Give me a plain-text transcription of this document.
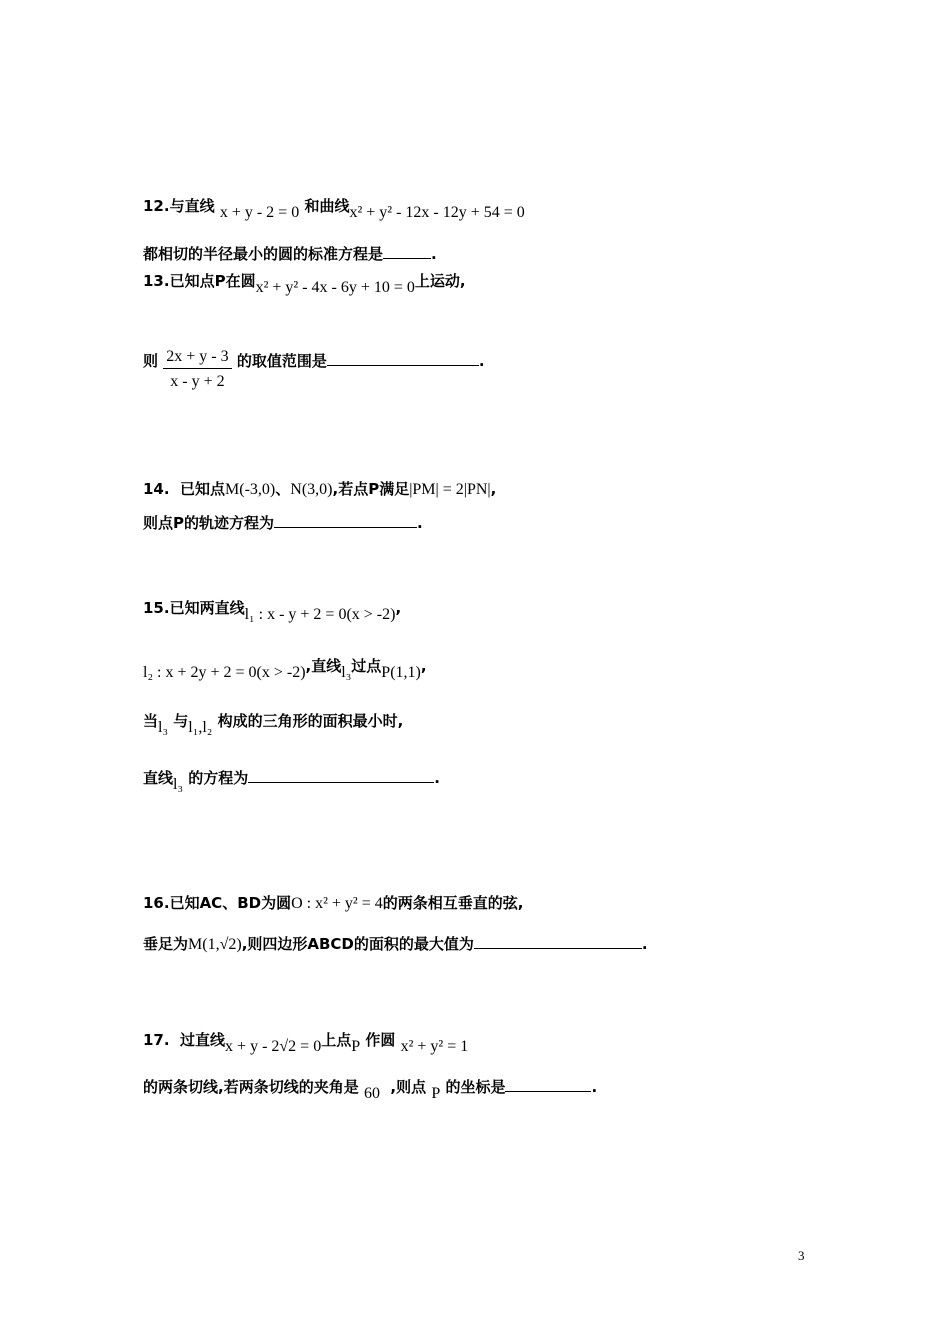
12.与直线 x + y - 2 = 0 和曲线x² + y² - 12x - 12y + 54 = 0
都相切的半径最小的圆的标准方程是	.
13.已知点P在圆x² + y² - 4x - 6y + 10 = 0上运动,
则 $\frac{2x + y - 3}{x - y + 2}$ 的取值范围是	.
14. 已知点M(-3,0)、N(3,0),若点P满足|PM| = 2|PN|,
则点P的轨迹方程为	.
15.已知两直线l₁ : x - y + 2 = 0(x > -2),
l₂ : x + 2y + 2 = 0(x > -2),直线l₃过点P(1,1),
当l₃ 与l₁,l₂ 构成的三角形的面积最小时,
直线l₃ 的方程为	.
16.已知AC、BD为圆O : x² + y² = 4的两条相互垂直的弦,
垂足为M(1,√2),则四边形ABCD的面积的最大值为	.
17. 过直线x + y - 2√2 = 0上点P 作圆 x² + y² = 1
的两条切线,若两条切线的夹角是 60 ,则点 P 的坐标是	.
3
